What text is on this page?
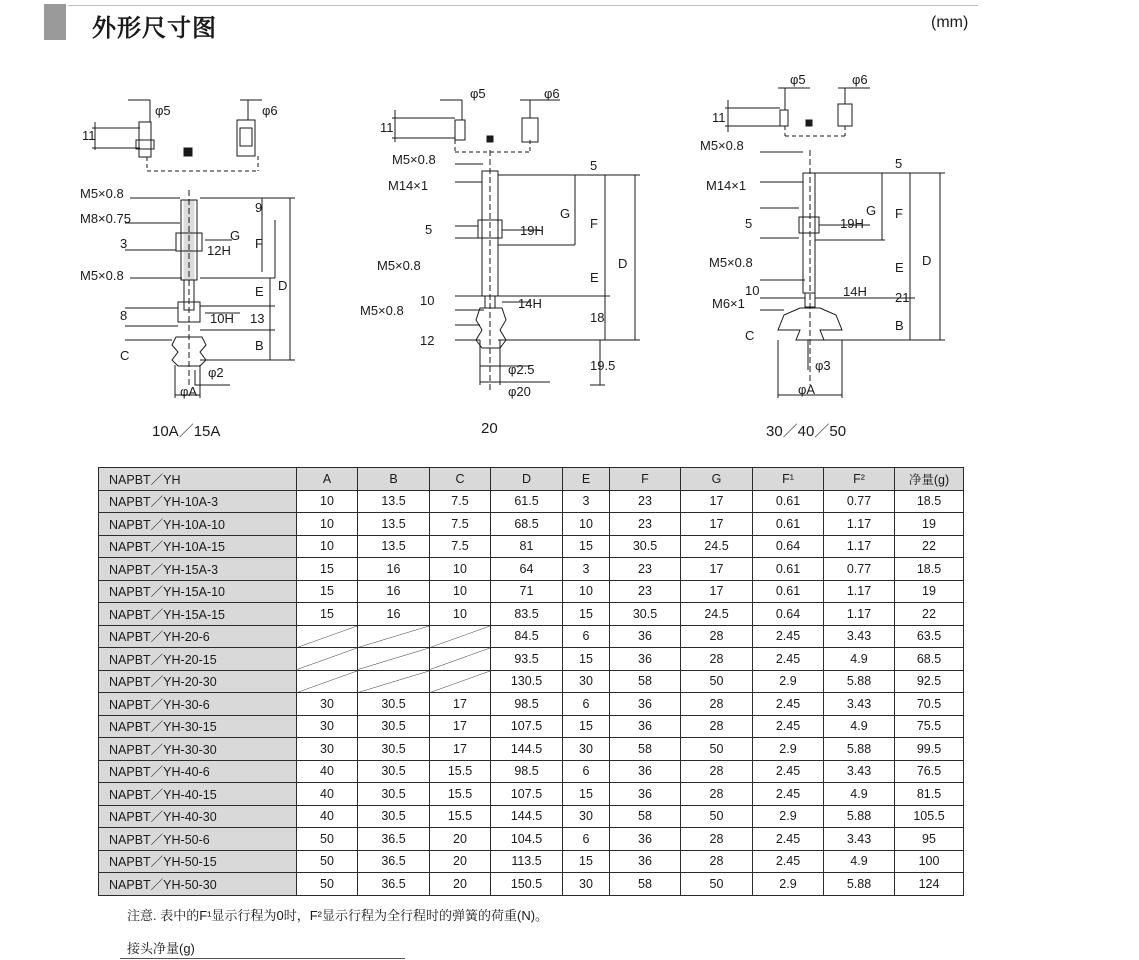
外形尺寸图	(mm)
φ5	φ6
11
M5×0.8
M8×0.75
3	12H
M5×0.8
8	10H
C
φA
φ2
9
G
F
E
13
B
D
φ5	φ6
11
M5×0.8
M14×1
5	19H
M5×0.8
10
M5×0.8	14H
12
φ2.5
φ20
5
G
F
E
18
19.5
D
φ5	φ6
11
M5×0.8
M14×1
5	19H
M5×0.8
10
M6×1
14H
C
φ3
φA
5
G F
E
21
B
D
10A／15A	20	30／40／50
NAPBT／YH	A	B	C	D	E	F	G	F¹	F²	净量(g)
NAPBT／YH-10A-3	10	13.5	7.5	61.5	3	23	17	0.61	0.77	18.5
NAPBT／YH-10A-10	10	13.5	7.5	68.5	10	23	17	0.61	1.17	19
NAPBT／YH-10A-15	10	13.5	7.5	81	15	30.5	24.5	0.64	1.17	22
NAPBT／YH-15A-3	15	16	10	64	3	23	17	0.61	0.77	18.5
NAPBT／YH-15A-10	15	16	10	71	10	23	17	0.61	1.17	19
NAPBT／YH-15A-15	15	16	10	83.5	15	30.5	24.5	0.64	1.17	22
NAPBT／YH-20-6				84.5	6	36	28	2.45	3.43	63.5
NAPBT／YH-20-15				93.5	15	36	28	2.45	4.9	68.5
NAPBT／YH-20-30				130.5	30	58	50	2.9	5.88	92.5
NAPBT／YH-30-6	30	30.5	17	98.5	6	36	28	2.45	3.43	70.5
NAPBT／YH-30-15	30	30.5	17	107.5	15	36	28	2.45	4.9	75.5
NAPBT／YH-30-30	30	30.5	17	144.5	30	58	50	2.9	5.88	99.5
NAPBT／YH-40-6	40	30.5	15.5	98.5	6	36	28	2.45	3.43	76.5
NAPBT／YH-40-15	40	30.5	15.5	107.5	15	36	28	2.45	4.9	81.5
NAPBT／YH-40-30	40	30.5	15.5	144.5	30	58	50	2.9	5.88	105.5
NAPBT／YH-50-6	50	36.5	20	104.5	6	36	28	2.45	3.43	95
NAPBT／YH-50-15	50	36.5	20	113.5	15	36	28	2.45	4.9	100
NAPBT／YH-50-30	50	36.5	20	150.5	30	58	50	2.9	5.88	124
注意. 表中的F¹显示行程为0时，F²显示行程为全行程时的弹簧的荷重(N)。
接头净量(g)
